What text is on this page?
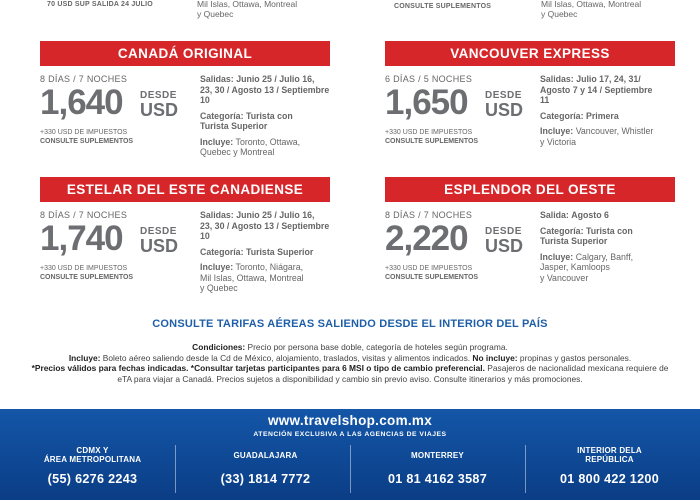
70 USD SUP SALIDA 24 JULIO	Mil Islas, Ottawa, Montreal
y Quebec
CONSULTE SUPLEMENTOS	Mil Islas, Ottawa, Montreal
y Quebec
CANADÁ ORIGINAL
8 DÍAS / 7 NOCHES
1,640 DESDE
USD
+330 USD DE IMPUESTOS
CONSULTE SUPLEMENTOS

Salidas: Junio 25 / Julio 16,
23, 30 / Agosto 13 / Septiembre
10

Categoría: Turista con
Turista Superior

Incluye: Toronto, Ottawa,
Quebec y Montreal

VANCOUVER EXPRESS
6 DÍAS / 5 NOCHES
1,650 DESDE
USD
+330 USD DE IMPUESTOS
CONSULTE SUPLEMENTOS

Salidas: Julio 17, 24, 31/
Agosto 7 y 14 / Septiembre
11

Categoría: Primera

Incluye: Vancouver, Whistler
y Victoria

ESTELAR DEL ESTE CANADIENSE
8 DÍAS / 7 NOCHES
1,740 DESDE
USD
+330 USD DE IMPUESTOS
CONSULTE SUPLEMENTOS

Salidas: Junio 25 / Julio 16,
23, 30 / Agosto 13 / Septiembre
10

Categoría: Turista Superior

Incluye: Toronto, Niágara,
Mil Islas, Ottawa, Montreal
y Quebec

ESPLENDOR DEL OESTE
8 DÍAS / 7 NOCHES
2,220 DESDE
USD
+330 USD DE IMPUESTOS
CONSULTE SUPLEMENTOS

Salida: Agosto 6

Categoría: Turista con
Turista Superior

Incluye: Calgary, Banff,
Jasper, Kamloops
y Vancouver

CONSULTE TARIFAS AÉREAS SALIENDO DESDE EL INTERIOR DEL PAÍS
Condiciones: Precio por persona base doble, categoría de hoteles según programa.
Incluye: Boleto aéreo saliendo desde la Cd de México, alojamiento, traslados, visitas y alimentos indicados. No incluye: propinas y gastos personales.
*Precios válidos para fechas indicadas. *Consultar tarjetas participantes para 6 MSI o tipo de cambio preferencial. Pasajeros de nacionalidad mexicana requiere de
eTA para viajar a Canadá. Precios sujetos a disponibilidad y cambio sin previo aviso. Consulte itinerarios y más promociones.
www.travelshop.com.mx
ATENCIÓN EXCLUSIVA A LAS AGENCIAS DE VIAJES
CDMX Y
ÁREA METROPOLITANA
(55) 6276 2243
GUADALAJARA
(33) 1814 7772
MONTERREY
01 81 4162 3587
INTERIOR DELA
REPÚBLICA
01 800 422 1200
